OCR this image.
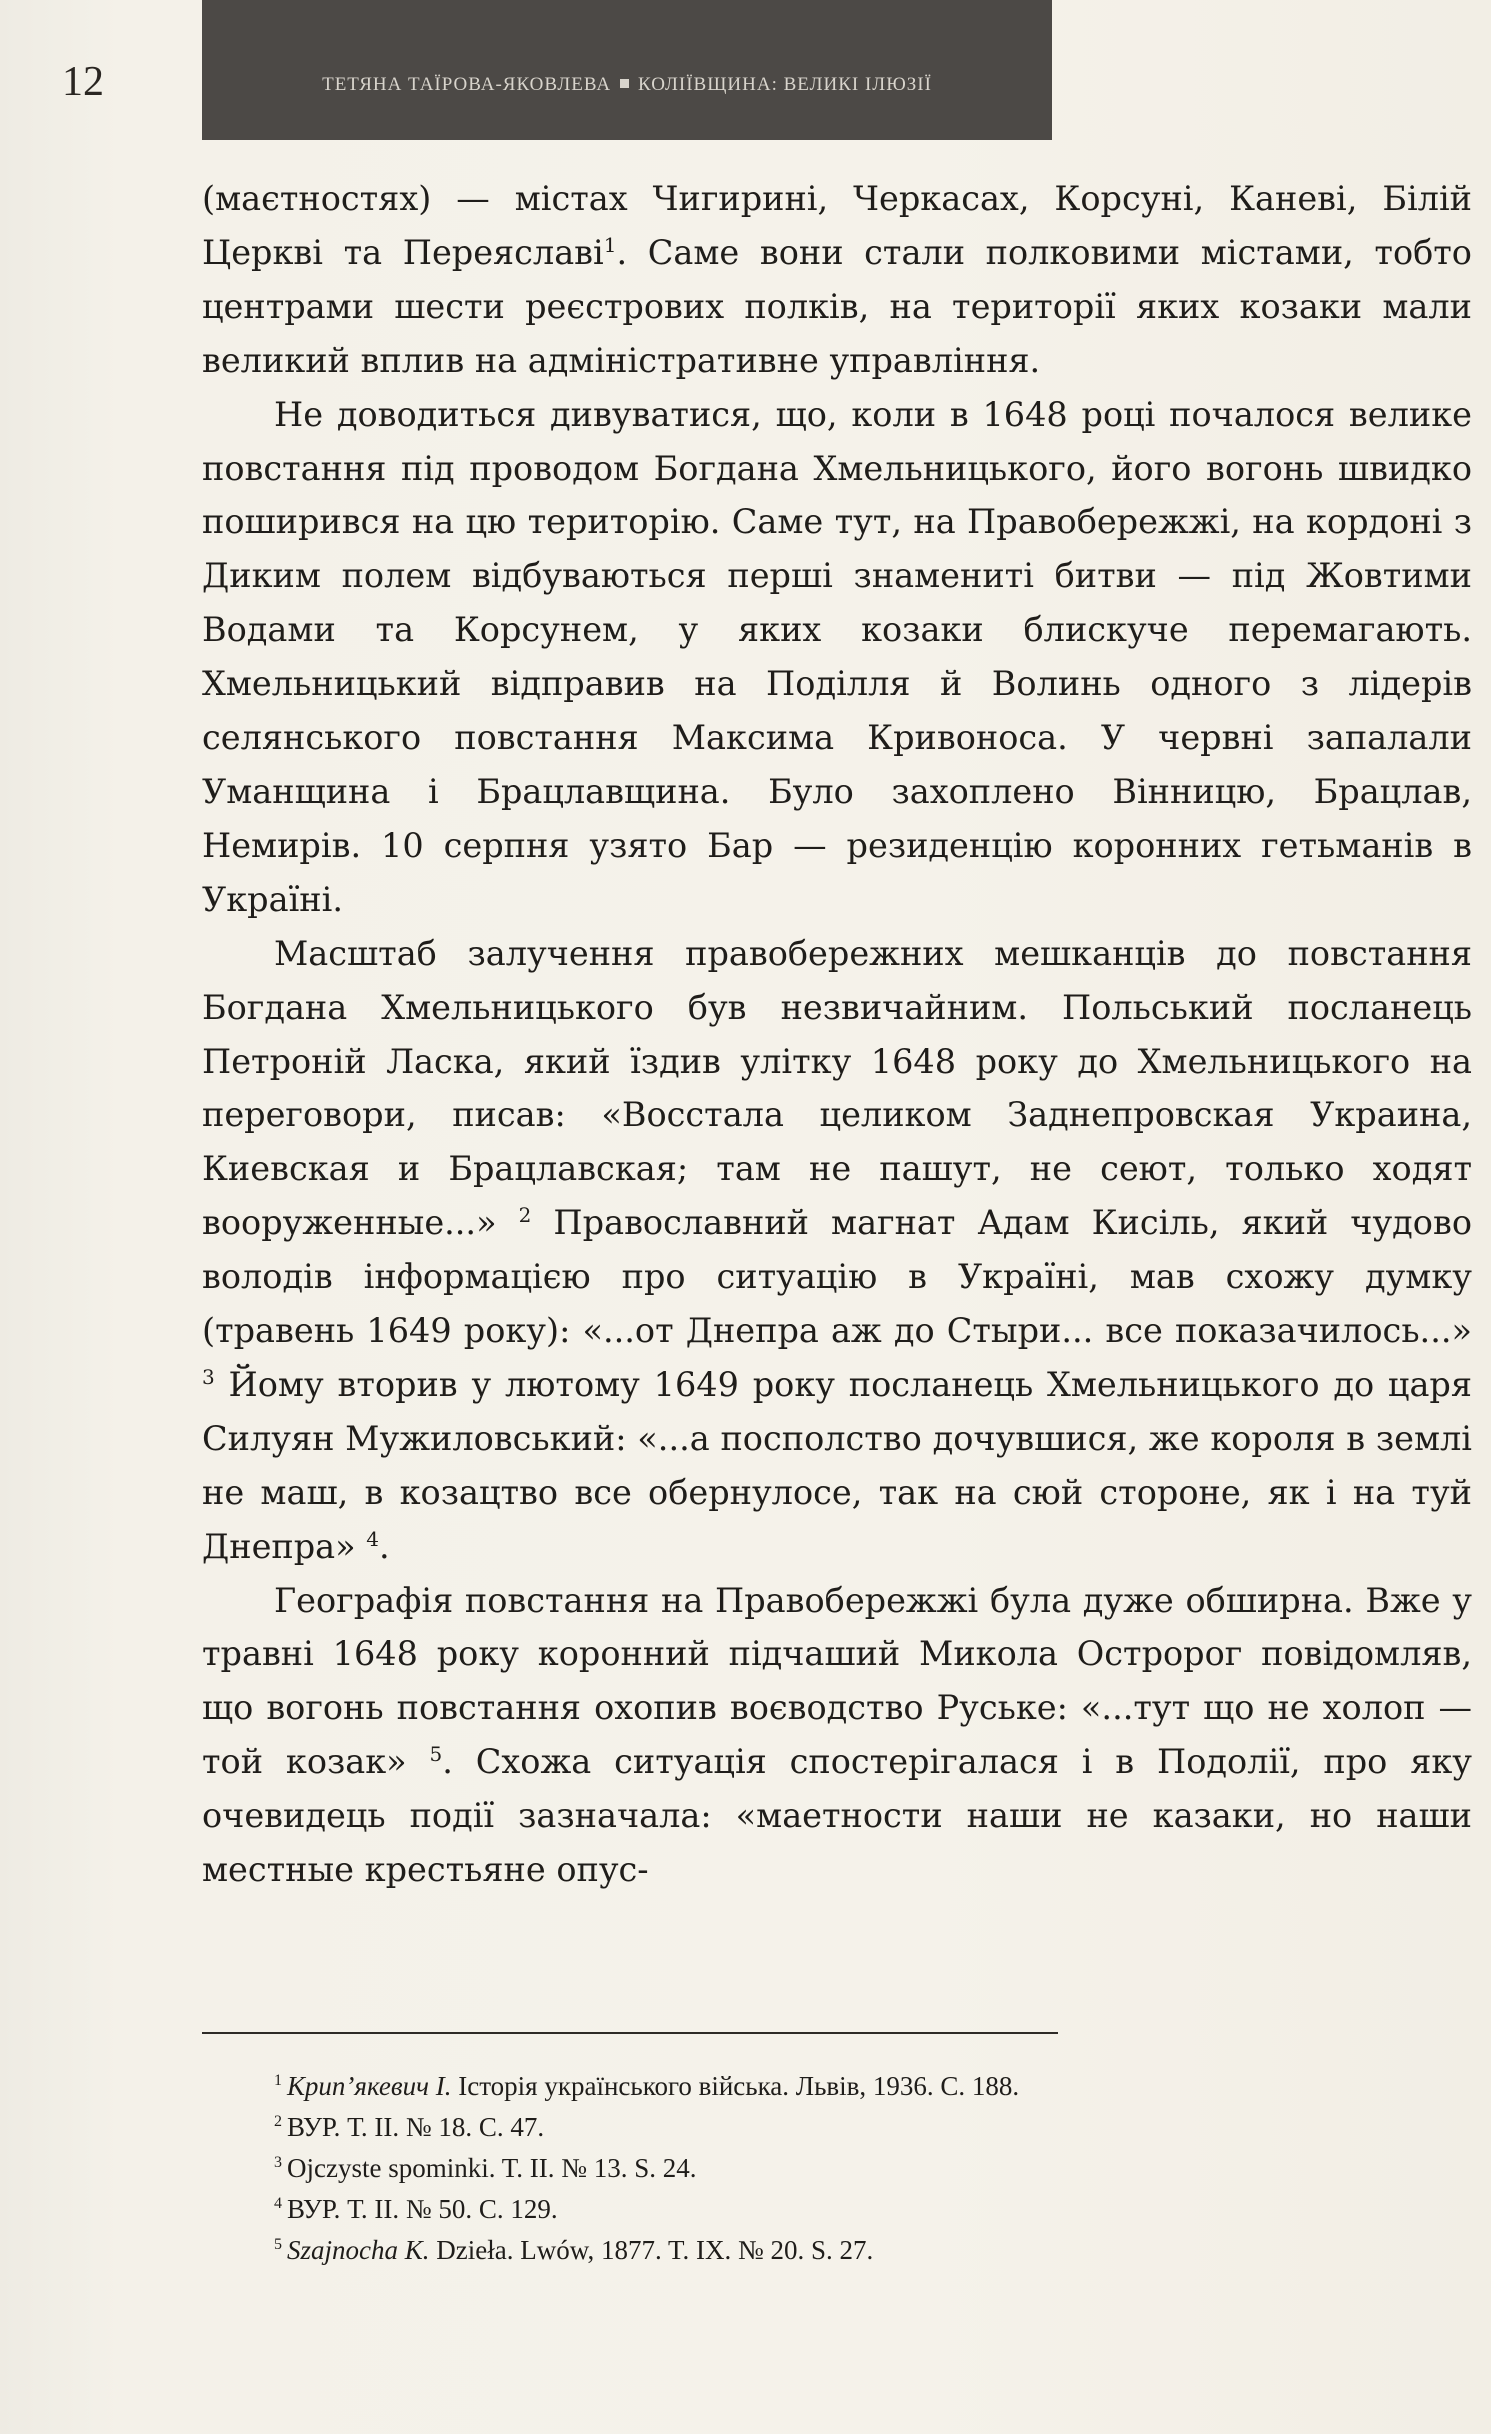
12	ТЕТЯНА ТАЇРОВА-ЯКОВЛЕВА КОЛІЇВЩИНА: ВЕЛИКІ ІЛЮЗІЇ

(маєтностях) — містах Чигирині, Черкасах, Корсуні, Каневі, Білій Церкві та Переяславі$^1$. Саме вони стали полковими містами, тобто центрами шести реєстрових полків, на території яких козаки мали великий вплив на адміністративне управління.

Не доводиться дивуватися, що, коли в 1648 році почалося велике повстання під проводом Богдана Хмельницького, його вогонь швидко поширився на цю територію. Саме тут, на Правобережжі, на кордоні з Диким полем відбуваються перші знамениті битви — під Жовтими Водами та Корсунем, у яких козаки блискуче перемагають. Хмельницький відправив на Поділля й Волинь одного з лідерів селянського повстання Максима Кривоноса. У червні запалали Уманщина і Брацлавщина. Було захоплено Вінницю, Брацлав, Немирів. 10 серпня узято Бар — резиденцію коронних гетьманів в Україні.

Масштаб залучення правобережних мешканців до повстання Богдана Хмельницького був незвичайним. Польський посланець Петроній Ласка, який їздив улітку 1648 року до Хмельницького на переговори, писав: «Восстала целиком Заднепровская Украина, Киевская и Брацлавская; там не пашут, не сеют, только ходят вооруженные...» $^2$ Православний магнат Адам Кисіль, який чудово володів інформацією про ситуацію в Україні, мав схожу думку (травень 1649 року): «...от Днепра аж до Стыри... все показачилось...» $^3$ Йому вторив у лютому 1649 року посланець Хмельницького до царя Силуян Мужиловський: «...а посполство дочувшися, же короля в землі не маш, в козацтво все обернулосе, так на сюй стороне, як і на туй Днепра» $^4$.

Географія повстання на Правобережжі була дуже обширна. Вже у травні 1648 року коронний підчаший Микола Остророг повідомляв, що вогонь повстання охопив воєводство Руське: «...тут що не холоп — той козак» $^5$. Схожа ситуація спостерігалася і в Подолії, про яку очевидець події зазначала: «маетности наши не казаки, но наши местные крестьяне опус-

$^1$ Крип’якевич І. Історія українського війська. Львів, 1936. С. 188.
$^2$ ВУР. Т. II. № 18. С. 47.
$^3$ Ojczyste spominki. T. II. № 13. S. 24.
$^4$ ВУР. Т. II. № 50. С. 129.
$^5$ Szajnocha K. Dzieła. Lwów, 1877. T. IX. № 20. S. 27.
